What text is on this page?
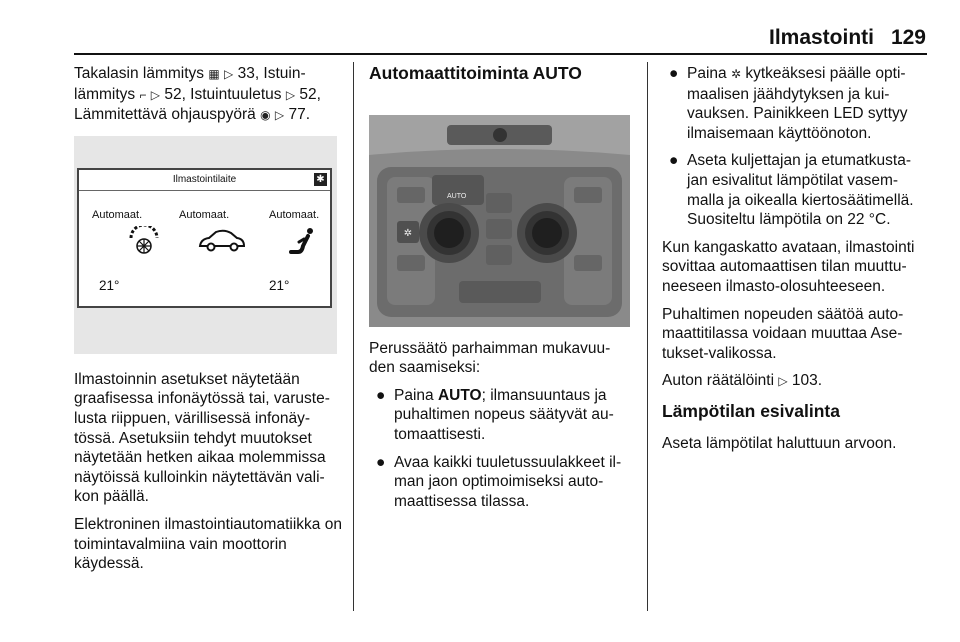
Ilmastointi 129

Takalasin lämmitys ▦ ▷ 33, Istuin-
lämmitys ⌐ ▷ 52, Istuintuuletus ▷ 52,
Lämmitettävä ohjauspyörä ◉ ▷ 77.

Ilmastointilaite	✱
Automaat.	Automaat.	Automaat.
21°	21°

Ilmastoinnin asetukset näytetään graafisessa infonäytössä tai, varuste-lusta riippuen, värillisessä infonäy-tössä. Asetuksiin tehdyt muutokset näytetään hetken aikaa molemmissa näytöissä kulloinkin näytettävän vali-kon päällä.

Elektroninen ilmastointiautomatiikka on toimintavalmiina vain moottorin käydessä.

Automaattitoiminta AUTO
✲
AUTO

Perussäätö parhaimman mukavuu-den saamiseksi:

● Paina AUTO; ilmansuuntaus ja puhaltimen nopeus säätyvät au-tomaattisesti.
● Avaa kaikki tuuletussuulakkeet il-man jaon optimoimiseksi auto-maattisessa tilassa.
● Paina ✲ kytkeäksesi päälle opti-maalisen jäähdytyksen ja kui-vauksen. Painikkeen LED syttyy ilmaisemaan käyttöönoton.
● Aseta kuljettajan ja etumatkusta-jan esivalitut lämpötilat vasem-malla ja oikealla kiertosäätimellä. Suositeltu lämpötila on 22 °C.

Kun kangaskatto avataan, ilmastointi sovittaa automaattisen tilan muuttu-neeseen ilmasto-olosuhteeseen.

Puhaltimen nopeuden säätöä auto-maattitilassa voidaan muuttaa Ase-tukset-valikossa.

Auton räätälöinti ▷ 103.

Lämpötilan esivalinta

Aseta lämpötilat haluttuun arvoon.
